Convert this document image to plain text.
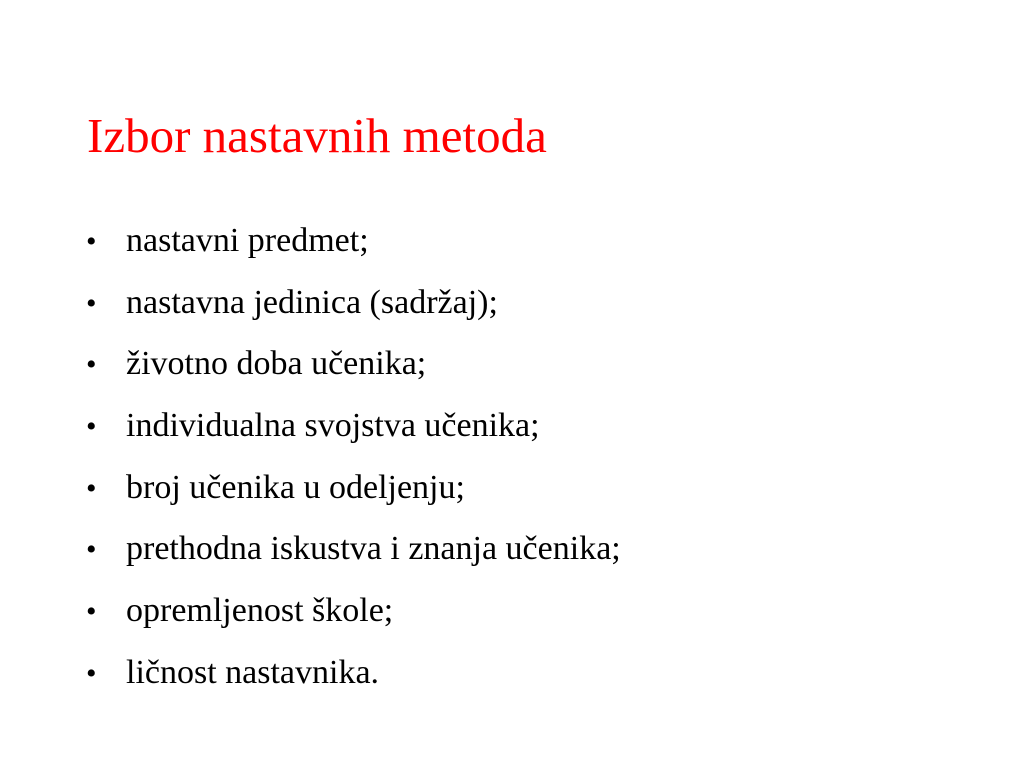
Izbor nastavnih metoda
• nastavni predmet;
• nastavna jedinica (sadržaj);
• životno doba učenika;
• individualna svojstva učenika;
• broj učenika u odeljenju;
• prethodna iskustva i znanja učenika;
• opremljenost škole;
• ličnost nastavnika.
